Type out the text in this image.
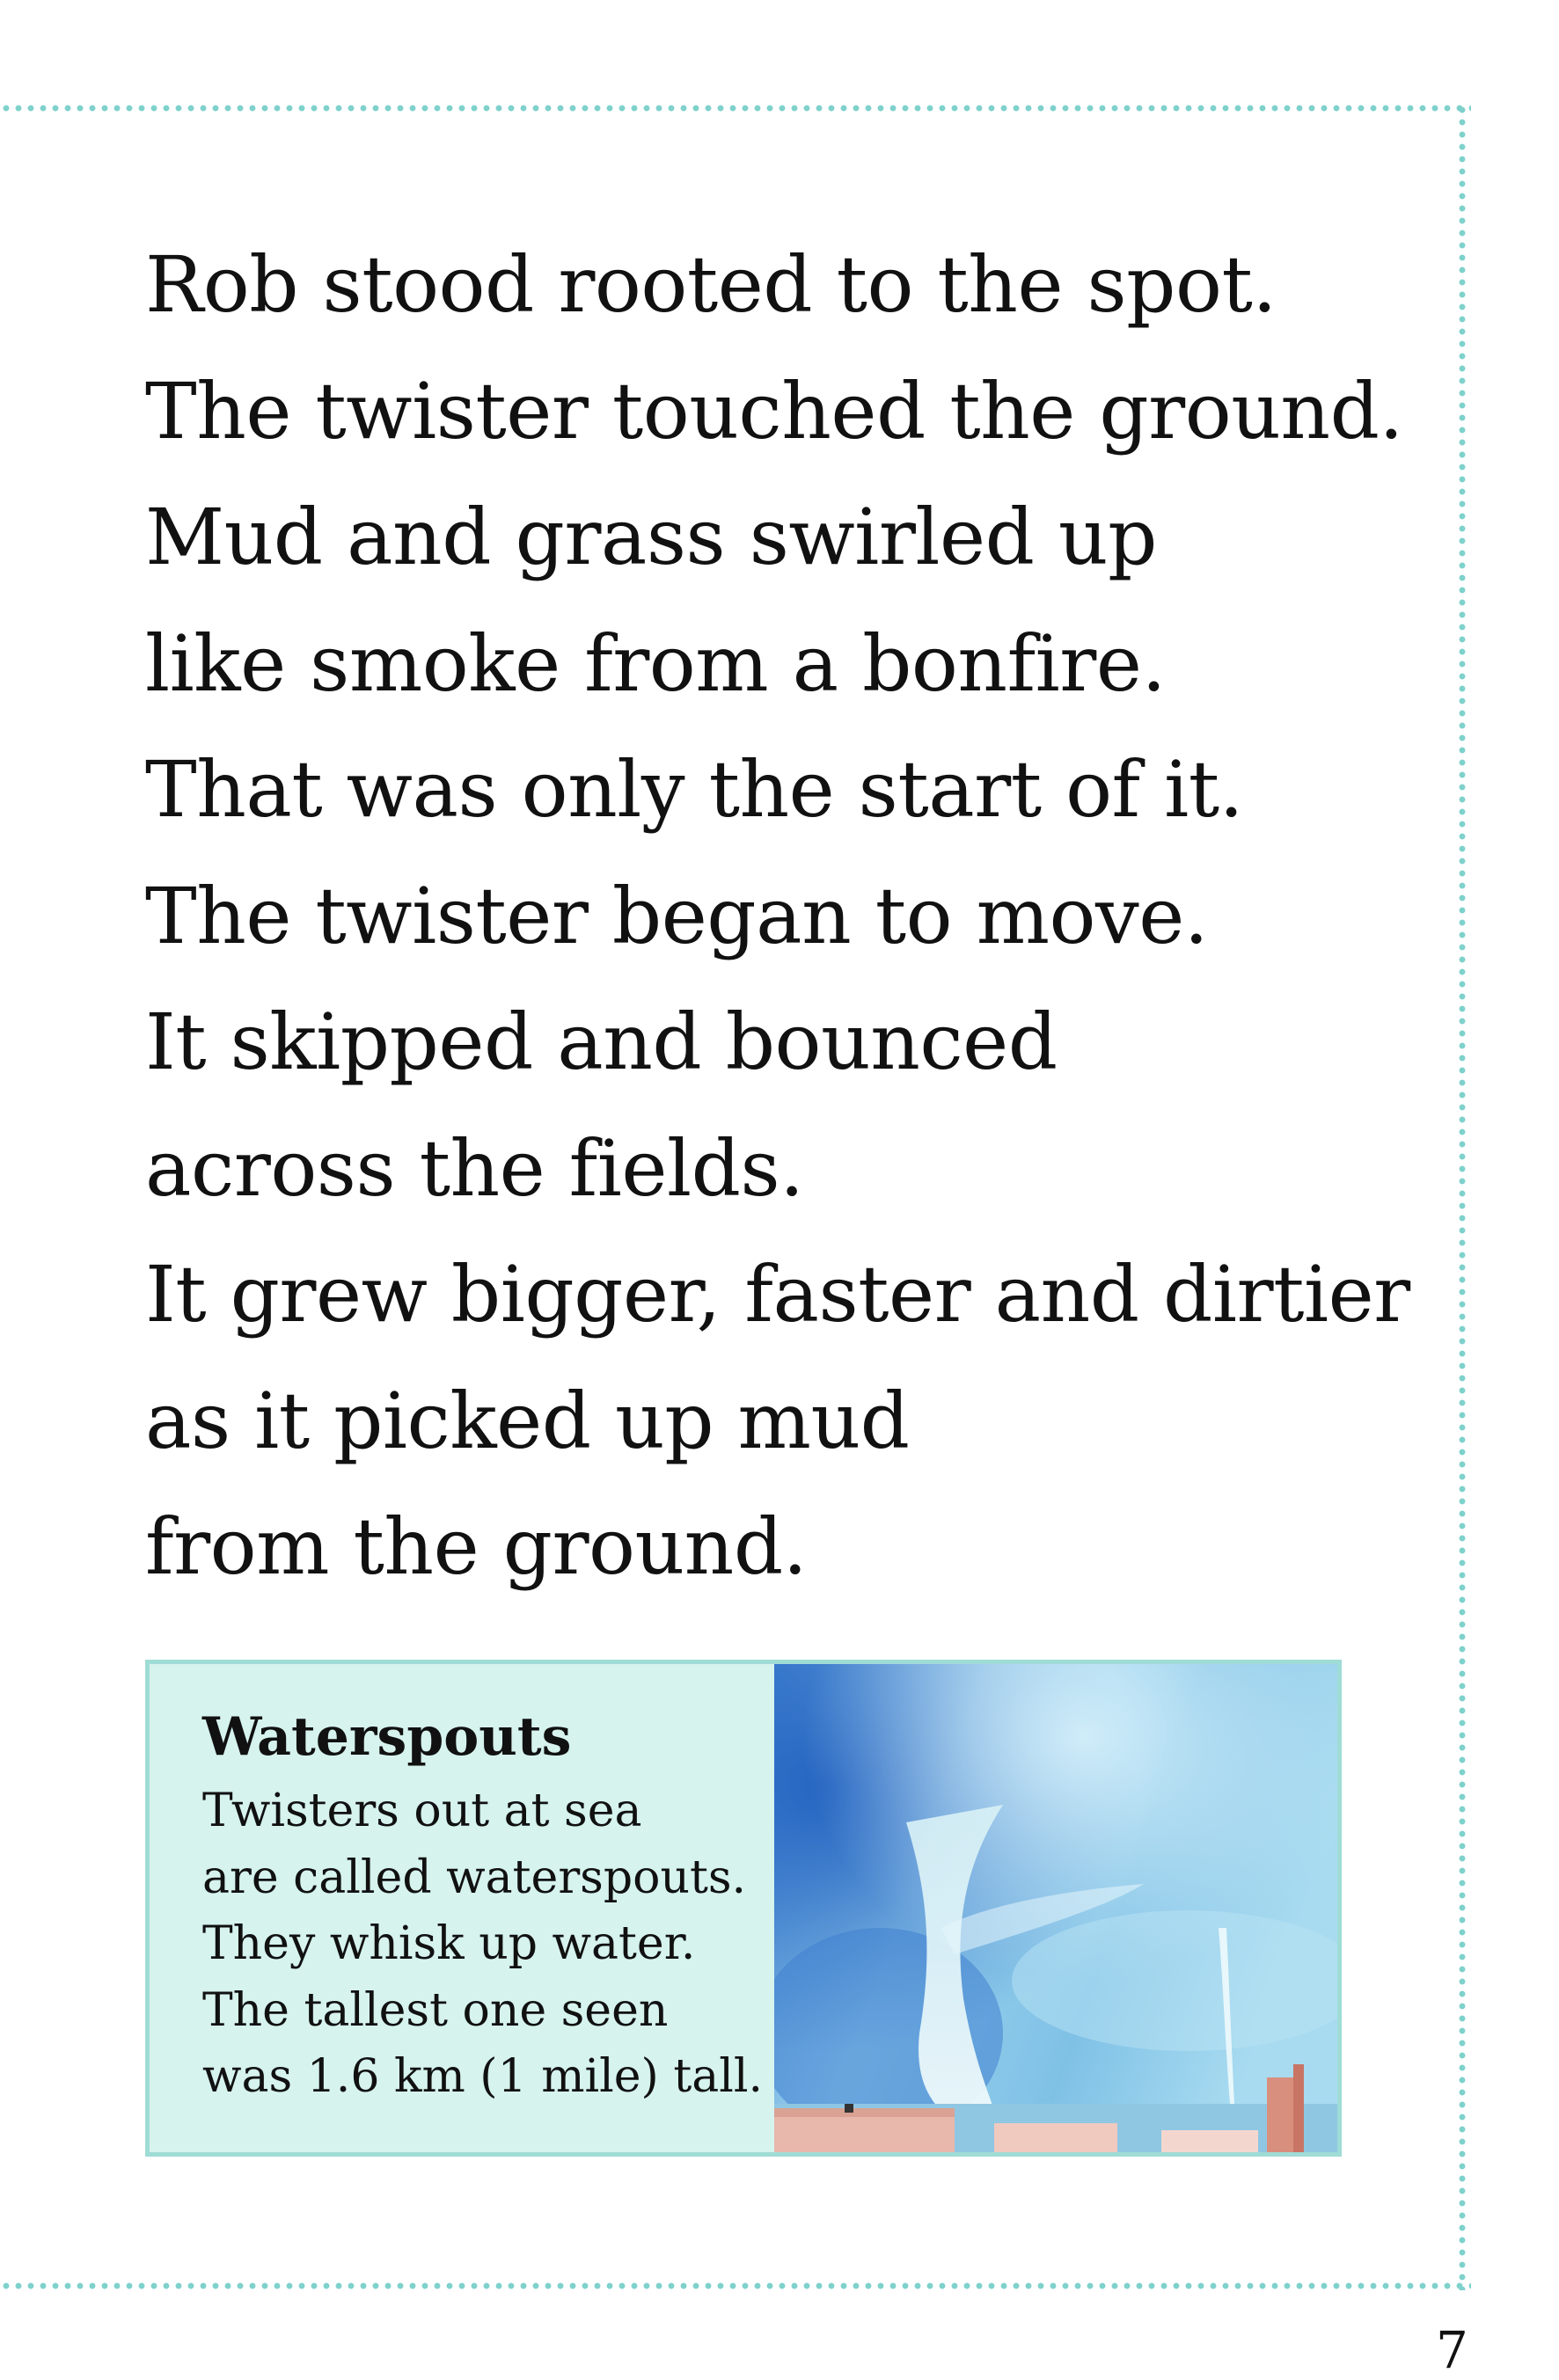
Rob stood rooted to the spot.
The twister touched the ground.
Mud and grass swirled up
like smoke from a bonfire.
That was only the start of it.
The twister began to move.
It skipped and bounced
across the fields.
It grew bigger, faster and dirtier
as it picked up mud
from the ground.
Waterspouts
Twisters out at sea
are called waterspouts.
They whisk up water.
The tallest one seen
was 1.6 km (1 mile) tall.
7
